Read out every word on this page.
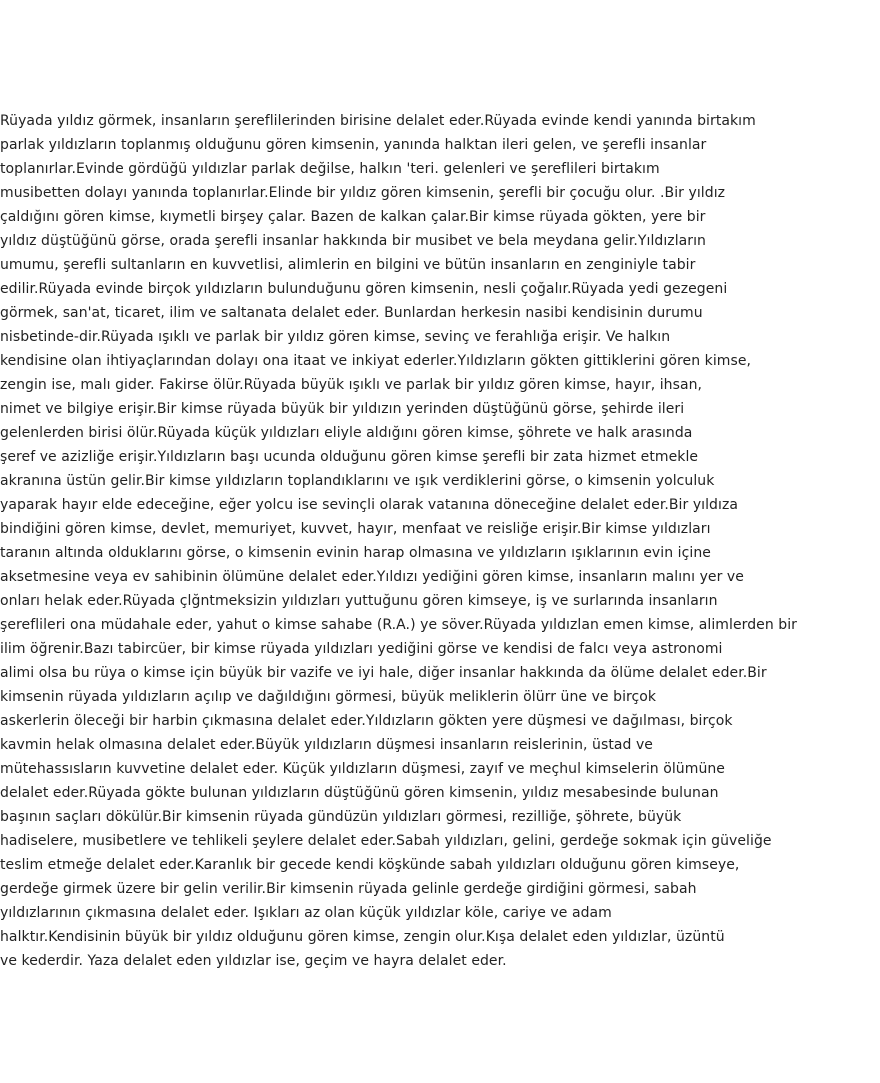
Rüyada yıldız görmek, insanların şereflilerinden birisine delalet eder.Rüyada evinde kendi yanında birtakım
parlak yıldızların toplanmış olduğunu gören kimsenin, yanında halktan ileri gelen, ve şerefli insanlar
toplanırlar.Evinde gördüğü yıldızlar parlak değilse, halkın 'teri. gelenleri ve şereflileri birtakım
musibetten dolayı yanında toplanırlar.Elinde bir yıldız gören kimsenin, şerefli bir çocuğu olur. .Bir yıldız
çaldığını gören kimse, kıymetli birşey çalar. Bazen de kalkan çalar.Bir kimse rüyada gökten, yere bir
yıldız düştüğünü görse, orada şerefli insanlar hakkında bir musibet ve bela meydana gelir.Yıldızların
umumu, şerefli sultanların en kuvvetlisi, alimlerin en bilgini ve bütün insanların en zenginiyle tabir
edilir.Rüyada evinde birçok yıldızların bulunduğunu gören kimsenin, nesli çoğalır.Rüyada yedi gezegeni
görmek, san'at, ticaret, ilim ve saltanata delalet eder. Bunlardan herkesin nasibi kendisinin durumu
nisbetinde-dir.Rüyada ışıklı ve parlak bir yıldız gören kimse, sevinç ve ferahlığa erişir. Ve halkın
kendisine olan ihtiyaçlarından dolayı ona itaat ve inkiyat ederler.Yıldızların gökten gittiklerini gören kimse,
zengin ise, malı gider. Fakirse ölür.Rüyada büyük ışıklı ve parlak bir yıldız gören kimse, hayır, ihsan,
nimet ve bilgiye erişir.Bir kimse rüyada büyük bir yıldızın yerinden düştüğünü görse, şehirde ileri
gelenlerden birisi ölür.Rüyada küçük yıldızları eliyle aldığını gören kimse, şöhrete ve halk arasında
şeref ve azizliğe erişir.Yıldızların başı ucunda olduğunu gören kimse şerefli bir zata hizmet etmekle
akranına üstün gelir.Bir kimse yıldızların toplandıklarını ve ışık verdiklerini görse, o kimsenin yolculuk
yaparak hayır elde edeceğine, eğer yolcu ise sevinçli olarak vatanına döneceğine delalet eder.Bir yıldıza
bindiğini gören kimse, devlet, memuriyet, kuvvet, hayır, menfaat ve reisliğe erişir.Bir kimse yıldızları
taranın altında olduklarını görse, o kimsenin evinin harap olmasına ve yıldızların ışıklarının evin içine
aksetmesine veya ev sahibinin ölümüne delalet eder.Yıldızı yediğini gören kimse, insanların malını yer ve
onları helak eder.Rüyada çlğntmeksizin yıldızları yuttuğunu gören kimseye, iş ve surlarında insanların
şereflileri ona müdahale eder, yahut o kimse sahabe (R.A.) ye söver.Rüyada yıldızlan emen kimse, alimlerden bir
ilim öğrenir.Bazı tabircüer, bir kimse rüyada yıldızları yediğini görse ve kendisi de falcı veya astronomi
alimi olsa bu rüya o kimse için büyük bir vazife ve iyi hale, diğer insanlar hakkında da ölüme delalet eder.Bir
kimsenin rüyada yıldızların açılıp ve dağıldığını görmesi, büyük meliklerin ölürr üne ve birçok
askerlerin öleceği bir harbin çıkmasına delalet eder.Yıldızların gökten yere düşmesi ve dağılması, birçok
kavmin helak olmasına delalet eder.Büyük yıldızların düşmesi insanların reislerinin, üstad ve
mütehassısların kuvvetine delalet eder. Küçük yıldızların düşmesi, zayıf ve meçhul kimselerin ölümüne
delalet eder.Rüyada gökte bulunan yıldızların düştüğünü gören kimsenin, yıldız mesabesinde bulunan
başının saçları dökülür.Bir kimsenin rüyada gündüzün yıldızları görmesi, rezilliğe, şöhrete, büyük
hadiselere, musibetlere ve tehlikeli şeylere delalet eder.Sabah yıldızları, gelini, gerdeğe sokmak için güveliğe
teslim etmeğe delalet eder.Karanlık bir gecede kendi köşkünde sabah yıldızları olduğunu gören kimseye,
gerdeğe girmek üzere bir gelin verilir.Bir kimsenin rüyada gelinle gerdeğe girdiğini görmesi, sabah
yıldızlarının çıkmasına delalet eder. Işıkları az olan küçük yıldızlar köle, cariye ve adam
halktır.Kendisinin büyük bir yıldız olduğunu gören kimse, zengin olur.Kışa delalet eden yıldızlar, üzüntü
ve kederdir. Yaza delalet eden yıldızlar ise, geçim ve hayra delalet eder.
